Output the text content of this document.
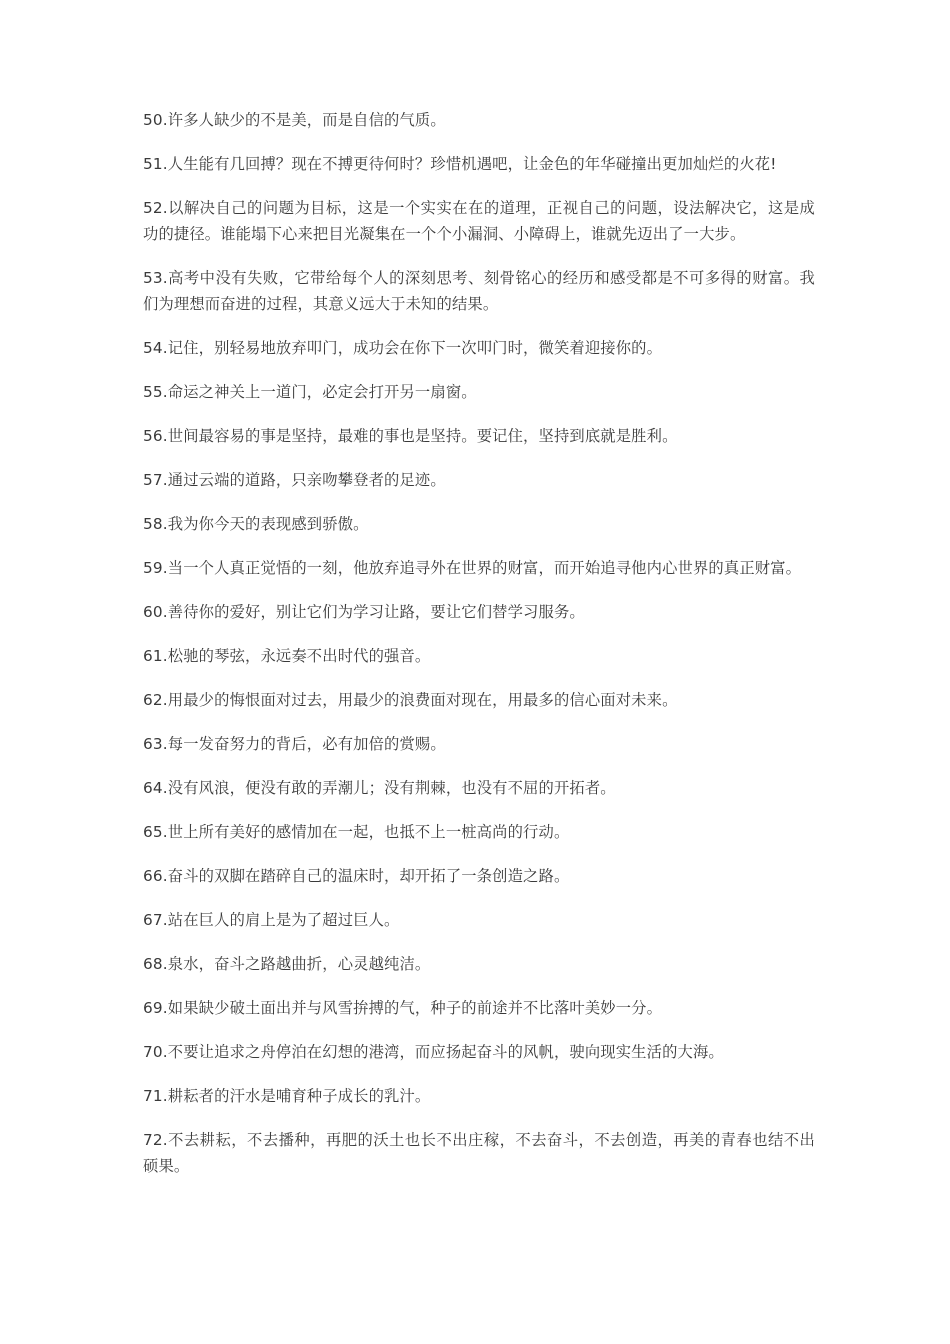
50.许多人缺少的不是美，而是自信的气质。

51.人生能有几回搏？现在不搏更待何时？珍惜机遇吧，让金色的年华碰撞出更加灿烂的火花!

52.以解决自己的问题为目标，这是一个实实在在的道理，正视自己的问题，设法解决它，这是成功的捷径。谁能塌下心来把目光凝集在一个个小漏洞、小障碍上，谁就先迈出了一大步。

53.高考中没有失败，它带给每个人的深刻思考、刻骨铭心的经历和感受都是不可多得的财富。我们为理想而奋进的过程，其意义远大于未知的结果。

54.记住，别轻易地放弃叩门，成功会在你下一次叩门时，微笑着迎接你的。

55.命运之神关上一道门，必定会打开另一扇窗。

56.世间最容易的事是坚持，最难的事也是坚持。要记住，坚持到底就是胜利。

57.通过云端的道路，只亲吻攀登者的足迹。

58.我为你今天的表现感到骄傲。

59.当一个人真正觉悟的一刻，他放弃追寻外在世界的财富，而开始追寻他内心世界的真正财富。

60.善待你的爱好，别让它们为学习让路，要让它们替学习服务。

61.松驰的琴弦，永远奏不出时代的强音。

62.用最少的悔恨面对过去，用最少的浪费面对现在，用最多的信心面对未来。

63.每一发奋努力的背后，必有加倍的赏赐。

64.没有风浪，便没有敢的弄潮儿；没有荆棘，也没有不屈的开拓者。

65.世上所有美好的感情加在一起，也抵不上一桩高尚的行动。

66.奋斗的双脚在踏碎自己的温床时，却开拓了一条创造之路。

67.站在巨人的肩上是为了超过巨人。

68.泉水，奋斗之路越曲折，心灵越纯洁。

69.如果缺少破土面出并与风雪拚搏的气，种子的前途并不比落叶美妙一分。

70.不要让追求之舟停泊在幻想的港湾，而应扬起奋斗的风帆，驶向现实生活的大海。

71.耕耘者的汗水是哺育种子成长的乳汁。

72.不去耕耘，不去播种，再肥的沃土也长不出庄稼，不去奋斗，不去创造，再美的青春也结不出硕果。
